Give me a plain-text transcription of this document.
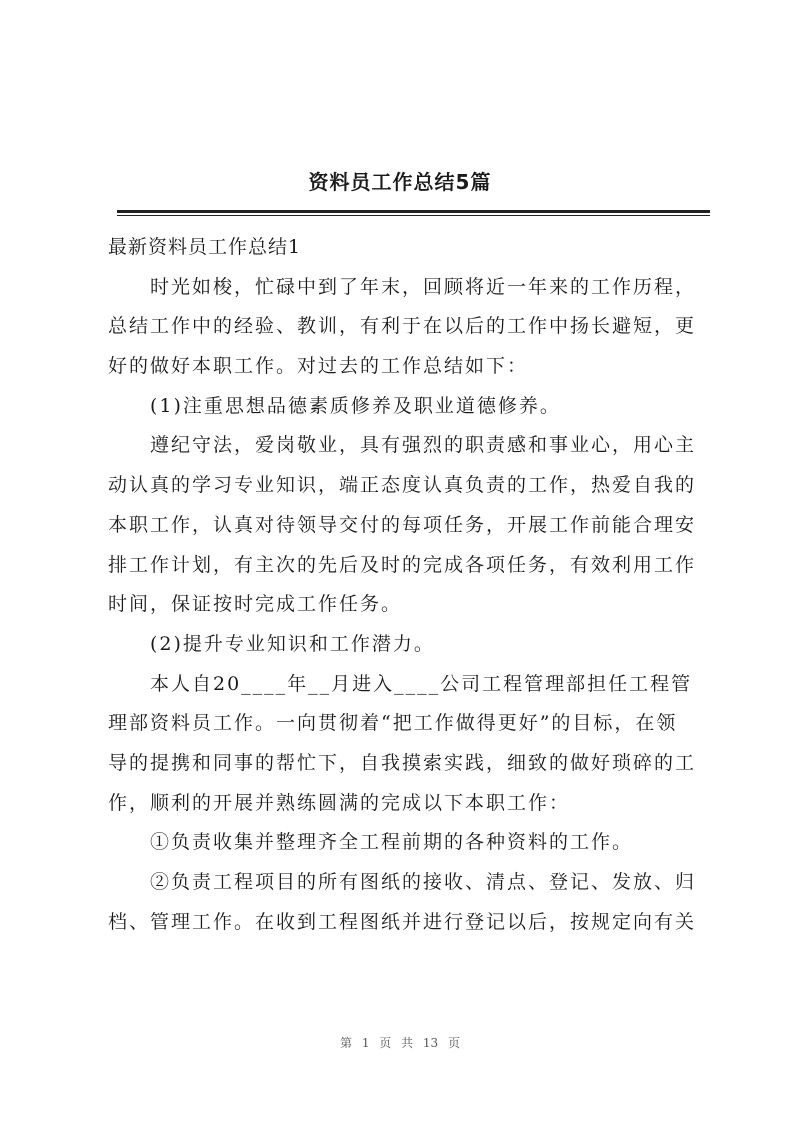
资料员工作总结5篇
最新资料员工作总结1
　　时光如梭，忙碌中到了年末，回顾将近一年来的工作历程，
总结工作中的经验、教训，有利于在以后的工作中扬长避短，更
好的做好本职工作。对过去的工作总结如下：
　　(1)注重思想品德素质修养及职业道德修养。
　　遵纪守法，爱岗敬业，具有强烈的职责感和事业心，用心主
动认真的学习专业知识，端正态度认真负责的工作，热爱自我的
本职工作，认真对待领导交付的每项任务，开展工作前能合理安
排工作计划，有主次的先后及时的完成各项任务，有效利用工作
时间，保证按时完成工作任务。
　　(2)提升专业知识和工作潜力。
　　本人自20____年__月进入____公司工程管理部担任工程管
理部资料员工作。一向贯彻着“把工作做得更好”的目标，在领
导的提携和同事的帮忙下，自我摸索实践，细致的做好琐碎的工
作，顺利的开展并熟练圆满的完成以下本职工作：
　　①负责收集并整理齐全工程前期的各种资料的工作。
　　②负责工程项目的所有图纸的接收、清点、登记、发放、归
档、管理工作。在收到工程图纸并进行登记以后，按规定向有关
第 1 页 共 13 页
